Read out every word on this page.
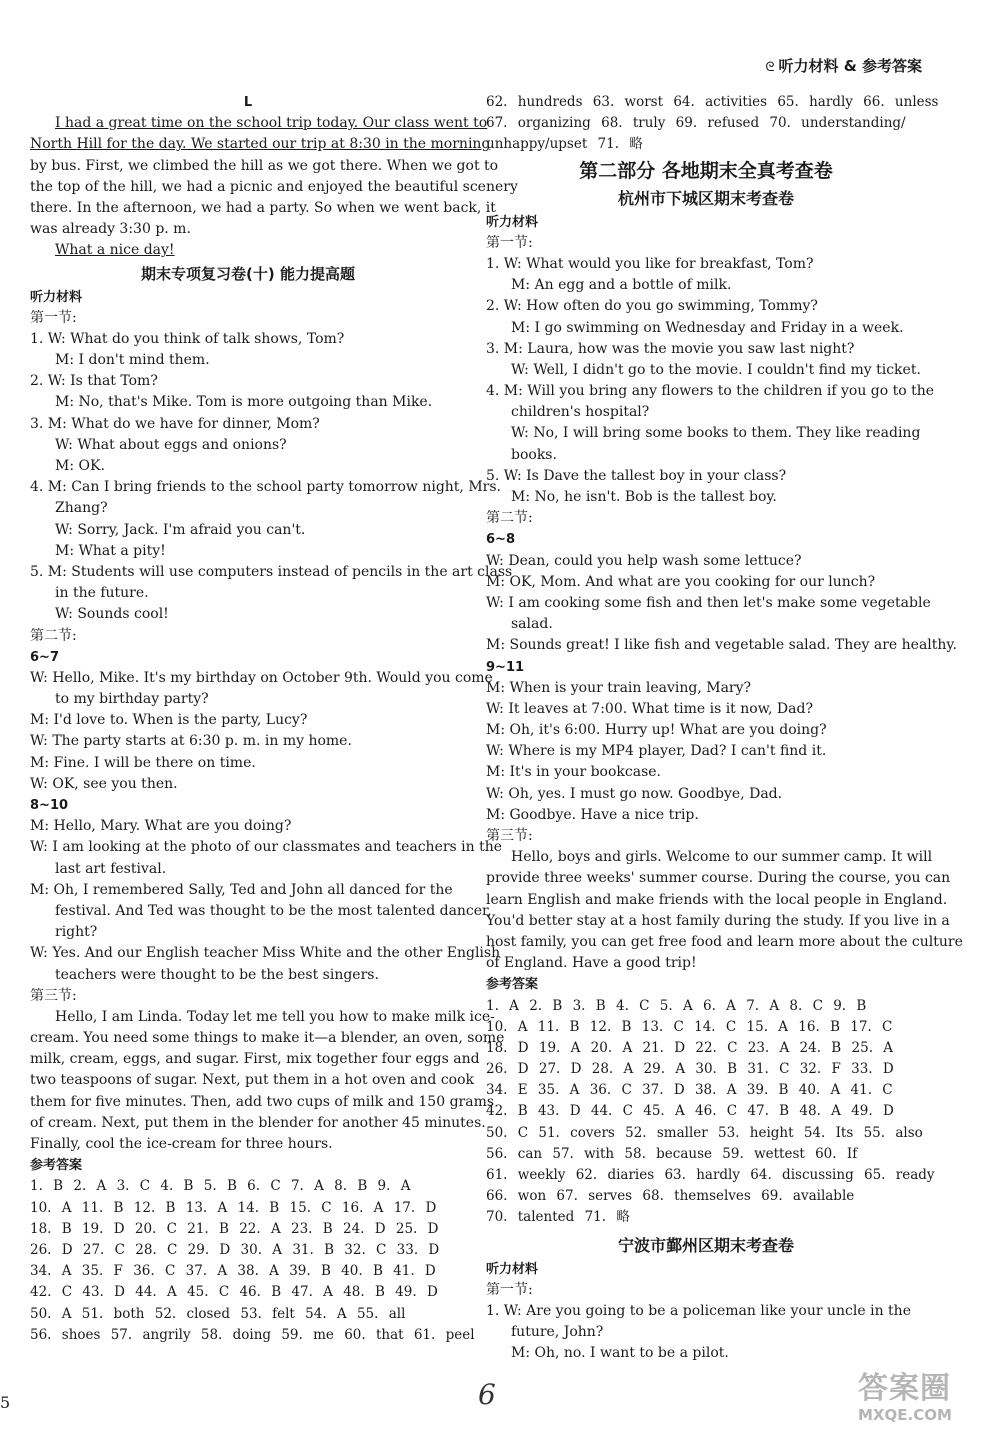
ᘓ 听力材料 & 参考答案
L
I had a great time on the school trip today. Our class went to
North Hill for the day. We started our trip at 8:30 in the morning
by bus. First, we climbed the hill as we got there. When we got to
the top of the hill, we had a picnic and enjoyed the beautiful scenery
there. In the afternoon, we had a party. So when we went back, it
was already 3:30 p. m.
What a nice day!
期末专项复习卷(十) 能力提高题
听力材料
第一节:
1. W: What do you think of talk shows, Tom?
M: I don't mind them.
2. W: Is that Tom?
M: No, that's Mike. Tom is more outgoing than Mike.
3. M: What do we have for dinner, Mom?
W: What about eggs and onions?
M: OK.
4. M: Can I bring friends to the school party tomorrow night, Mrs.
Zhang?
W: Sorry, Jack. I'm afraid you can't.
M: What a pity!
5. M: Students will use computers instead of pencils in the art class
in the future.
W: Sounds cool!
第二节:
6~7
W: Hello, Mike. It's my birthday on October 9th. Would you come
to my birthday party?
M: I'd love to. When is the party, Lucy?
W: The party starts at 6:30 p. m. in my home.
M: Fine. I will be there on time.
W: OK, see you then.
8~10
M: Hello, Mary. What are you doing?
W: I am looking at the photo of our classmates and teachers in the
last art festival.
M: Oh, I remembered Sally, Ted and John all danced for the
festival. And Ted was thought to be the most talented dancer,
right?
W: Yes. And our English teacher Miss White and the other English
teachers were thought to be the best singers.
第三节:
Hello, I am Linda. Today let me tell you how to make milk ice-
cream. You need some things to make it—a blender, an oven, some
milk, cream, eggs, and sugar. First, mix together four eggs and
two teaspoons of sugar. Next, put them in a hot oven and cook
them for five minutes. Then, add two cups of milk and 150 grams
of cream. Next, put them in the blender for another 45 minutes.
Finally, cool the ice-cream for three hours.
参考答案
1. B 2. A 3. C 4. B 5. B 6. C 7. A 8. B 9. A
10. A 11. B 12. B 13. A 14. B 15. C 16. A 17. D
18. B 19. D 20. C 21. B 22. A 23. B 24. D 25. D
26. D 27. C 28. C 29. D 30. A 31. B 32. C 33. D
34. A 35. F 36. C 37. A 38. A 39. B 40. B 41. D
42. C 43. D 44. A 45. C 46. B 47. A 48. B 49. D
50. A 51. both 52. closed 53. felt 54. A 55. all
56. shoes 57. angrily 58. doing 59. me 60. that 61. peel
62. hundreds 63. worst 64. activities 65. hardly 66. unless
67. organizing 68. truly 69. refused 70. understanding/
unhappy/upset 71. 略
第二部分 各地期末全真考查卷
杭州市下城区期末考查卷
听力材料
第一节:
1. W: What would you like for breakfast, Tom?
M: An egg and a bottle of milk.
2. W: How often do you go swimming, Tommy?
M: I go swimming on Wednesday and Friday in a week.
3. M: Laura, how was the movie you saw last night?
W: Well, I didn't go to the movie. I couldn't find my ticket.
4. M: Will you bring any flowers to the children if you go to the
children's hospital?
W: No, I will bring some books to them. They like reading
books.
5. W: Is Dave the tallest boy in your class?
M: No, he isn't. Bob is the tallest boy.
第二节:
6~8
W: Dean, could you help wash some lettuce?
M: OK, Mom. And what are you cooking for our lunch?
W: I am cooking some fish and then let's make some vegetable
salad.
M: Sounds great! I like fish and vegetable salad. They are healthy.
9~11
M: When is your train leaving, Mary?
W: It leaves at 7:00. What time is it now, Dad?
M: Oh, it's 6:00. Hurry up! What are you doing?
W: Where is my MP4 player, Dad? I can't find it.
M: It's in your bookcase.
W: Oh, yes. I must go now. Goodbye, Dad.
M: Goodbye. Have a nice trip.
第三节:
Hello, boys and girls. Welcome to our summer camp. It will
provide three weeks' summer course. During the course, you can
learn English and make friends with the local people in England.
You'd better stay at a host family during the study. If you live in a
host family, you can get free food and learn more about the culture
of England. Have a good trip!
参考答案
1. A 2. B 3. B 4. C 5. A 6. A 7. A 8. C 9. B
10. A 11. B 12. B 13. C 14. C 15. A 16. B 17. C
18. D 19. A 20. A 21. D 22. C 23. A 24. B 25. A
26. D 27. D 28. A 29. A 30. B 31. C 32. F 33. D
34. E 35. A 36. C 37. D 38. A 39. B 40. A 41. C
42. B 43. D 44. C 45. A 46. C 47. B 48. A 49. D
50. C 51. covers 52. smaller 53. height 54. Its 55. also
56. can 57. with 58. because 59. wettest 60. If
61. weekly 62. diaries 63. hardly 64. discussing 65. ready
66. won 67. serves 68. themselves 69. available
70. talented 71. 略
宁波市鄞州区期末考查卷
听力材料
第一节:
1. W: Are you going to be a policeman like your uncle in the
future, John?
M: Oh, no. I want to be a pilot.
5	6	答案圈
MXQE.COM
